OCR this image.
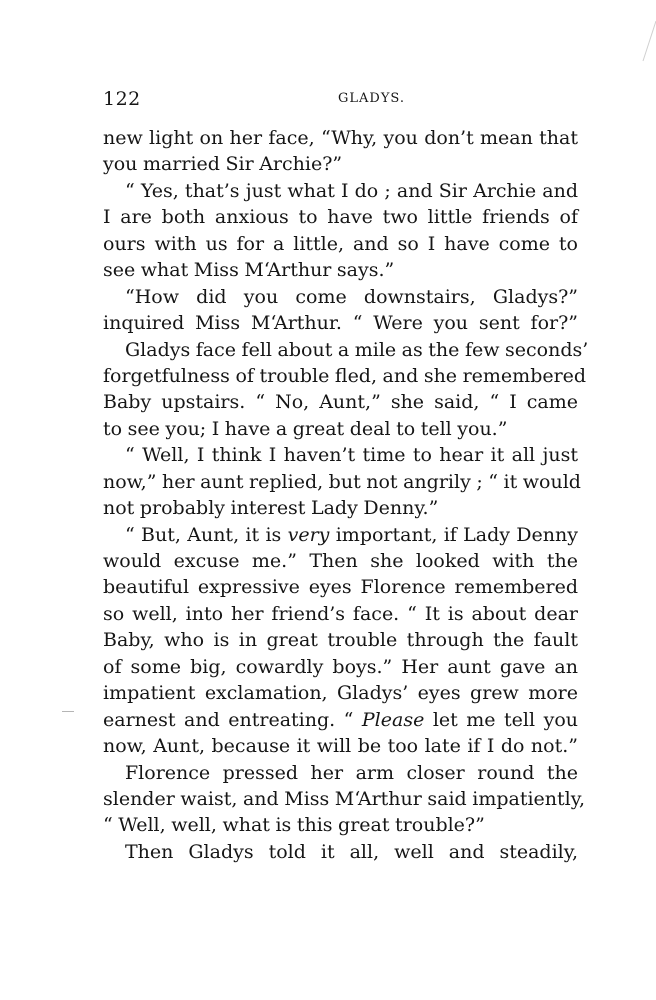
122	GLADYS.
new light on her face, “Why, you don’t mean that
you married Sir Archie?”
“ Yes, that’s just what I do ; and Sir Archie and
I are both anxious to have two little friends of
ours with us for a little, and so I have come to
see what Miss M‘Arthur says.”
“How did you come downstairs, Gladys?”
inquired Miss M‘Arthur. “ Were you sent for?”
Gladys face fell about a mile as the few seconds’
forgetfulness of trouble fled, and she remembered
Baby upstairs. “ No, Aunt,” she said, “ I came
to see you; I have a great deal to tell you.”
“ Well, I think I haven’t time to hear it all just
now,” her aunt replied, but not angrily ; “ it would
not probably interest Lady Denny.”
“ But, Aunt, it is very important, if Lady Denny
would excuse me.” Then she looked with the
beautiful expressive eyes Florence remembered
so well, into her friend’s face. “ It is about dear
Baby, who is in great trouble through the fault
of some big, cowardly boys.” Her aunt gave an
impatient exclamation, Gladys’ eyes grew more
earnest and entreating. “ Please let me tell you
now, Aunt, because it will be too late if I do not.”
Florence pressed her arm closer round the
slender waist, and Miss M‘Arthur said impatiently,
“ Well, well, what is this great trouble?”
Then Gladys told it all, well and steadily,
